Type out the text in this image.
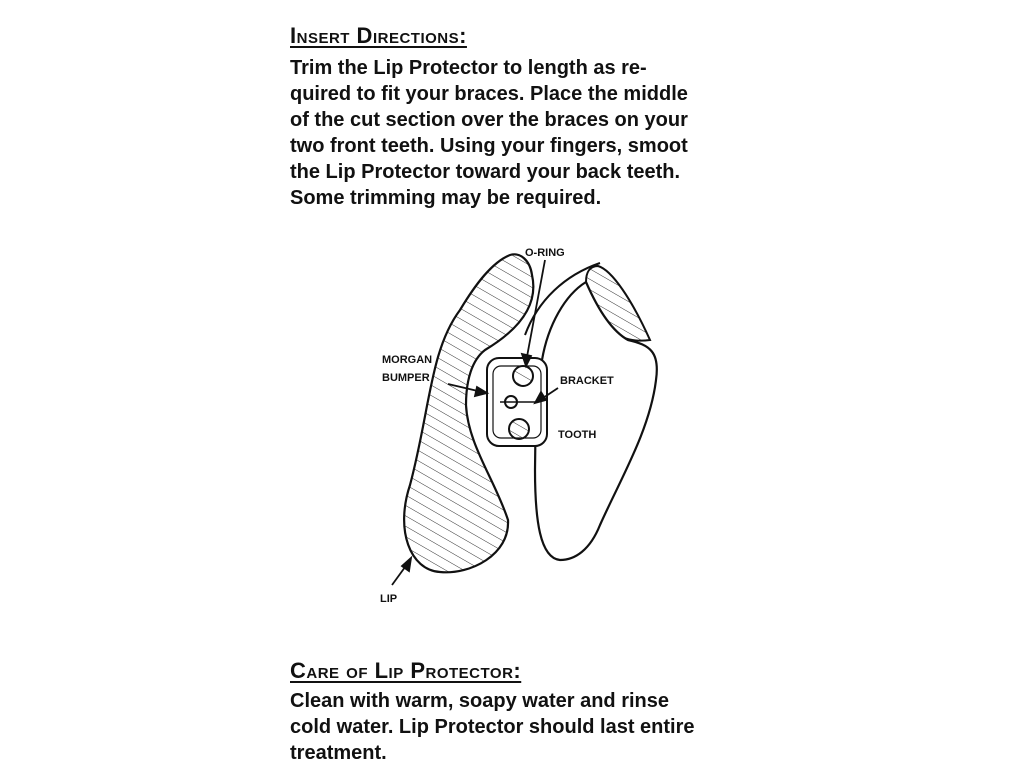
Insert Directions:
Trim the Lip Protector to length as re-
quired to fit your braces. Place the middle
of the cut section over the braces on your
two front teeth. Using your fingers, smoot
the Lip Protector toward your back teeth.
Some trimming may be required.
O-RING
MORGAN
BUMPER	BRACKET
TOOTH
LIP
Care of Lip Protector:
Clean with warm, soapy water and rinse
cold water. Lip Protector should last entire
treatment.
